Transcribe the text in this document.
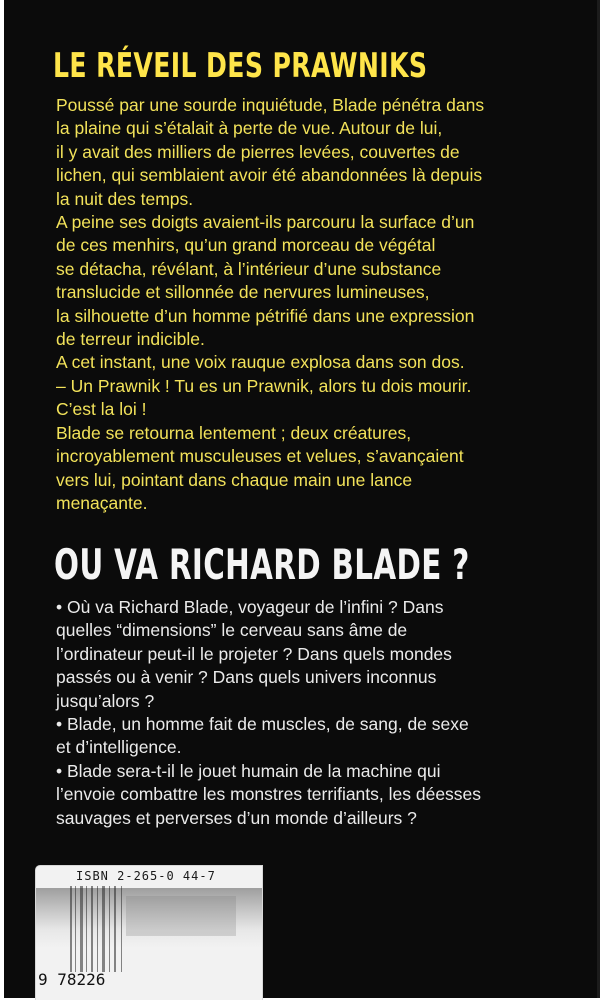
LE RÉVEIL DES PRAWNIKS
Poussé par une sourde inquiétude, Blade pénétra dans
la plaine qui s’étalait à perte de vue. Autour de lui,
il y avait des milliers de pierres levées, couvertes de
lichen, qui semblaient avoir été abandonnées là depuis
la nuit des temps.
A peine ses doigts avaient-ils parcouru la surface d’un
de ces menhirs, qu’un grand morceau de végétal
se détacha, révélant, à l’intérieur d’une substance
translucide et sillonnée de nervures lumineuses,
la silhouette d’un homme pétrifié dans une expression
de terreur indicible.
A cet instant, une voix rauque explosa dans son dos.
– Un Prawnik ! Tu es un Prawnik, alors tu dois mourir.
C’est la loi !
Blade se retourna lentement ; deux créatures,
incroyablement musculeuses et velues, s’avançaient
vers lui, pointant dans chaque main une lance
menaçante.
OU VA RICHARD BLADE ?
• Où va Richard Blade, voyageur de l’infini ? Dans
quelles “dimensions” le cerveau sans âme de
l’ordinateur peut-il le projeter ? Dans quels mondes
passés ou à venir ? Dans quels univers inconnus
jusqu’alors ?
• Blade, un homme fait de muscles, de sang, de sexe
et d’intelligence.
• Blade sera-t-il le jouet humain de la machine qui
l’envoie combattre les monstres terrifiants, les déesses
sauvages et perverses d’un monde d’ailleurs ?
ISBN 2-265-0 44-7
9 78226
